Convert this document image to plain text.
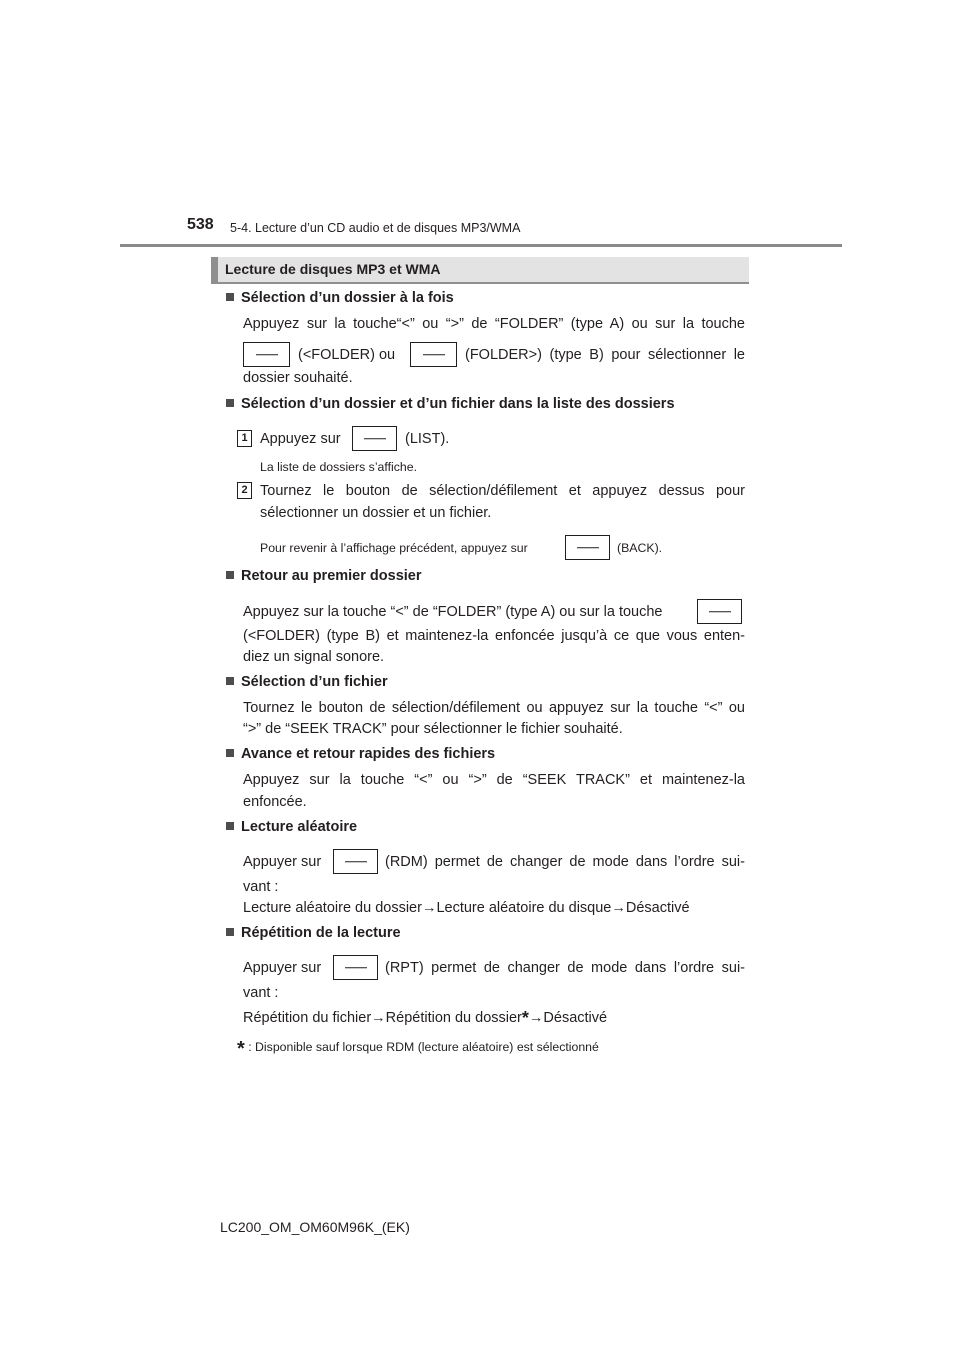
538 5-4. Lecture d’un CD audio et de disques MP3/WMA
Lecture de disques MP3 et WMA
Sélection d’un dossier à la fois
Appuyez sur la touche“<” ou “>” de “FOLDER” (type A) ou sur la touche
(<FOLDER) ou	(FOLDER>) (type B) pour sélectionner le
dossier souhaité.
Sélection d’un dossier et d’un fichier dans la liste des dossiers
1 Appuyez sur	(LIST).
La liste de dossiers s’affiche.
2 Tournez le bouton de sélection/défilement et appuyez dessus pour
sélectionner un dossier et un fichier.
Pour revenir à l’affichage précédent, appuyez sur	(BACK).
Retour au premier dossier
Appuyez sur la touche “<” de “FOLDER” (type A) ou sur la touche
(<FOLDER) (type B) et maintenez-la enfoncée jusqu’à ce que vous enten-
diez un signal sonore.
Sélection d’un fichier
Tournez le bouton de sélection/défilement ou appuyez sur la touche “<” ou
“>” de “SEEK TRACK” pour sélectionner le fichier souhaité.
Avance et retour rapides des fichiers
Appuyez sur la touche “<” ou “>” de “SEEK TRACK” et maintenez-la
enfoncée.
Lecture aléatoire
Appuyer sur	(RDM) permet de changer de mode dans l’ordre sui-
vant :
Lecture aléatoire du dossier→Lecture aléatoire du disque→Désactivé
Répétition de la lecture
Appuyer sur	(RPT) permet de changer de mode dans l’ordre sui-
vant :
Répétition du fichier→Répétition du dossier*→Désactivé
* : Disponible sauf lorsque RDM (lecture aléatoire) est sélectionné
LC200_OM_OM60M96K_(EK)
